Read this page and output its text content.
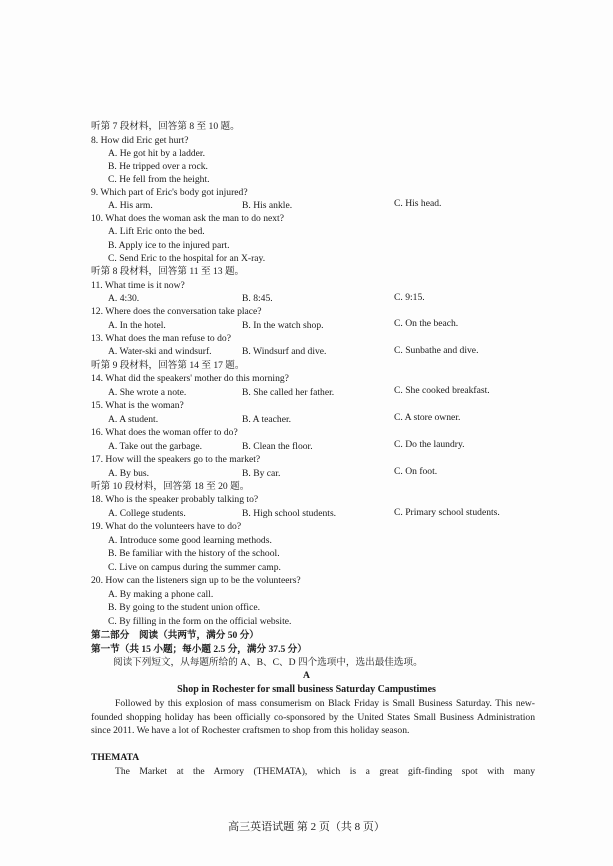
听第 7 段材料，回答第 8 至 10 题。
8. How did Eric get hurt?
A. He got hit by a ladder.
B. He tripped over a rock.
C. He fell from the height.
9. Which part of Eric's body got injured?
A. His arm.	B. His ankle.	C. His head.
10. What does the woman ask the man to do next?
A. Lift Eric onto the bed.
B. Apply ice to the injured part.
C. Send Eric to the hospital for an X-ray.
听第 8 段材料，回答第 11 至 13 题。
11. What time is it now?
A. 4:30.	B. 8:45.	C. 9:15.
12. Where does the conversation take place?
A. In the hotel.	B. In the watch shop.	C. On the beach.
13. What does the man refuse to do?
A. Water-ski and windsurf.	B. Windsurf and dive.	C. Sunbathe and dive.
听第 9 段材料，回答第 14 至 17 题。
14. What did the speakers' mother do this morning?
A. She wrote a note.	B. She called her father.	C. She cooked breakfast.
15. What is the woman?
A. A student.	B. A teacher.	C. A store owner.
16. What does the woman offer to do?
A. Take out the garbage.	B. Clean the floor.	C. Do the laundry.
17. How will the speakers go to the market?
A. By bus.	B. By car.	C. On foot.
听第 10 段材料，回答第 18 至 20 题。
18. Who is the speaker probably talking to?
A. College students.	B. High school students.	C. Primary school students.
19. What do the volunteers have to do?
A. Introduce some good learning methods.
B. Be familiar with the history of the school.
C. Live on campus during the summer camp.
20. How can the listeners sign up to be the volunteers?
A. By making a phone call.
B. By going to the student union office.
C. By filling in the form on the official website.
第二部分　阅读（共两节，满分 50 分）
第一节（共 15 小题；每小题 2.5 分，满分 37.5 分）
阅读下列短文，从每题所给的 A、B、C、D 四个选项中，选出最佳选项。
A
Shop in Rochester for small business Saturday Campustimes
Followed by this explosion of mass consumerism on Black Friday is Small Business Saturday. This new-founded shopping holiday has been officially co-sponsored by the United States Small Business Administration since 2011. We have a lot of Rochester craftsmen to shop from this holiday season.
THEMATA
The Market at the Armory (THEMATA), which is a great gift-finding spot with many
高三英语试题 第 2 页（共 8 页）
